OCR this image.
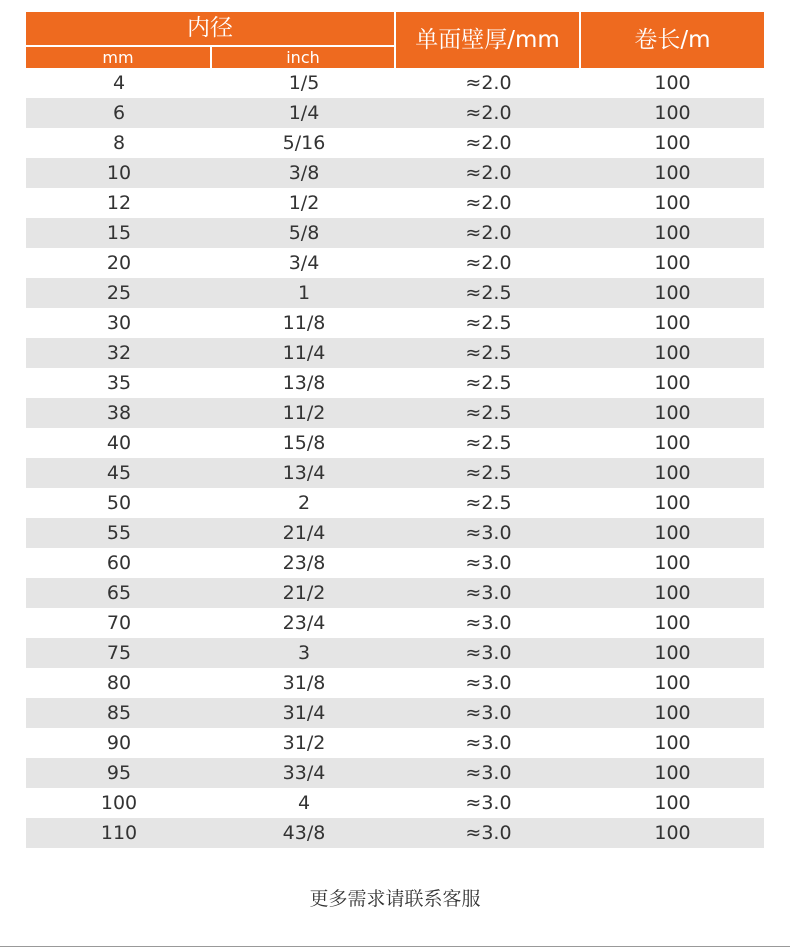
内径
mm	inch
单面壁厚/mm	卷长/m
4	1/5	≈2.0	100
6	1/4	≈2.0	100
8	5/16	≈2.0	100
10	3/8	≈2.0	100
12	1/2	≈2.0	100
15	5/8	≈2.0	100
20	3/4	≈2.0	100
25	1	≈2.5	100
30	11/8	≈2.5	100
32	11/4	≈2.5	100
35	13/8	≈2.5	100
38	11/2	≈2.5	100
40	15/8	≈2.5	100
45	13/4	≈2.5	100
50	2	≈2.5	100
55	21/4	≈3.0	100
60	23/8	≈3.0	100
65	21/2	≈3.0	100
70	23/4	≈3.0	100
75	3	≈3.0	100
80	31/8	≈3.0	100
85	31/4	≈3.0	100
90	31/2	≈3.0	100
95	33/4	≈3.0	100
100	4	≈3.0	100
110	43/8	≈3.0	100
更多需求请联系客服
